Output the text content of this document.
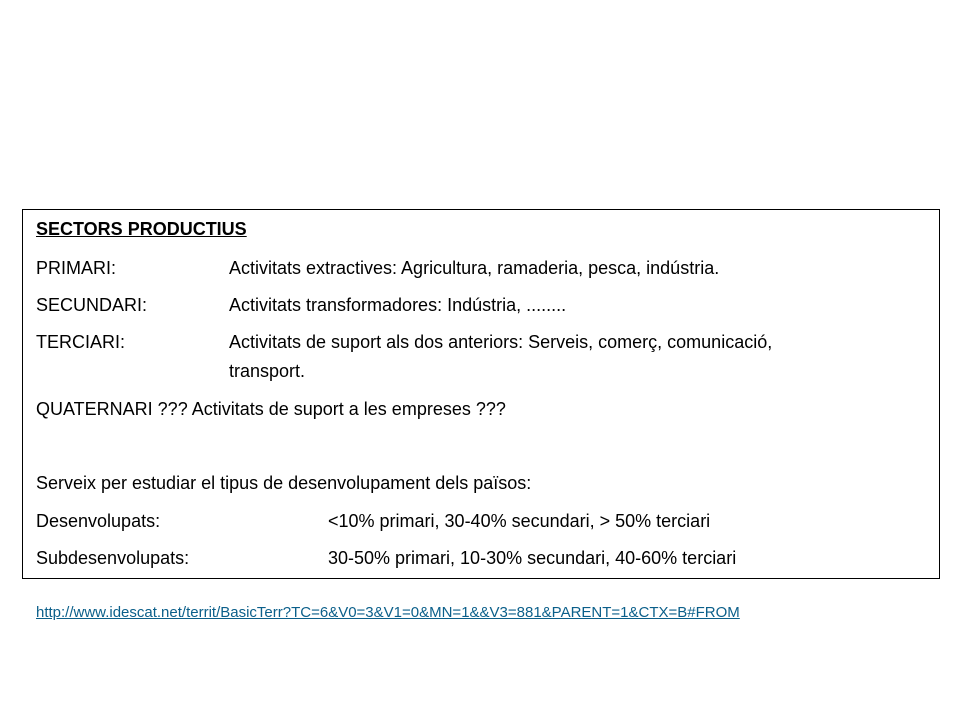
SECTORS PRODUCTIUS
PRIMARI:	Activitats extractives: Agricultura, ramaderia, pesca, indústria.
SECUNDARI:	Activitats transformadores: Indústria, ........
TERCIARI:	Activitats de suport als dos anteriors: Serveis, comerç, comunicació,
transport.
QUATERNARI ??? Activitats de suport a les empreses ???
Serveix per estudiar el tipus de desenvolupament dels països:
Desenvolupats:	<10% primari, 30-40% secundari, > 50% terciari
Subdesenvolupats:	30-50% primari, 10-30% secundari, 40-60% terciari
http://www.idescat.net/territ/BasicTerr?TC=6&V0=3&V1=0&MN=1&&V3=881&PARENT=1&CTX=B#FROM
